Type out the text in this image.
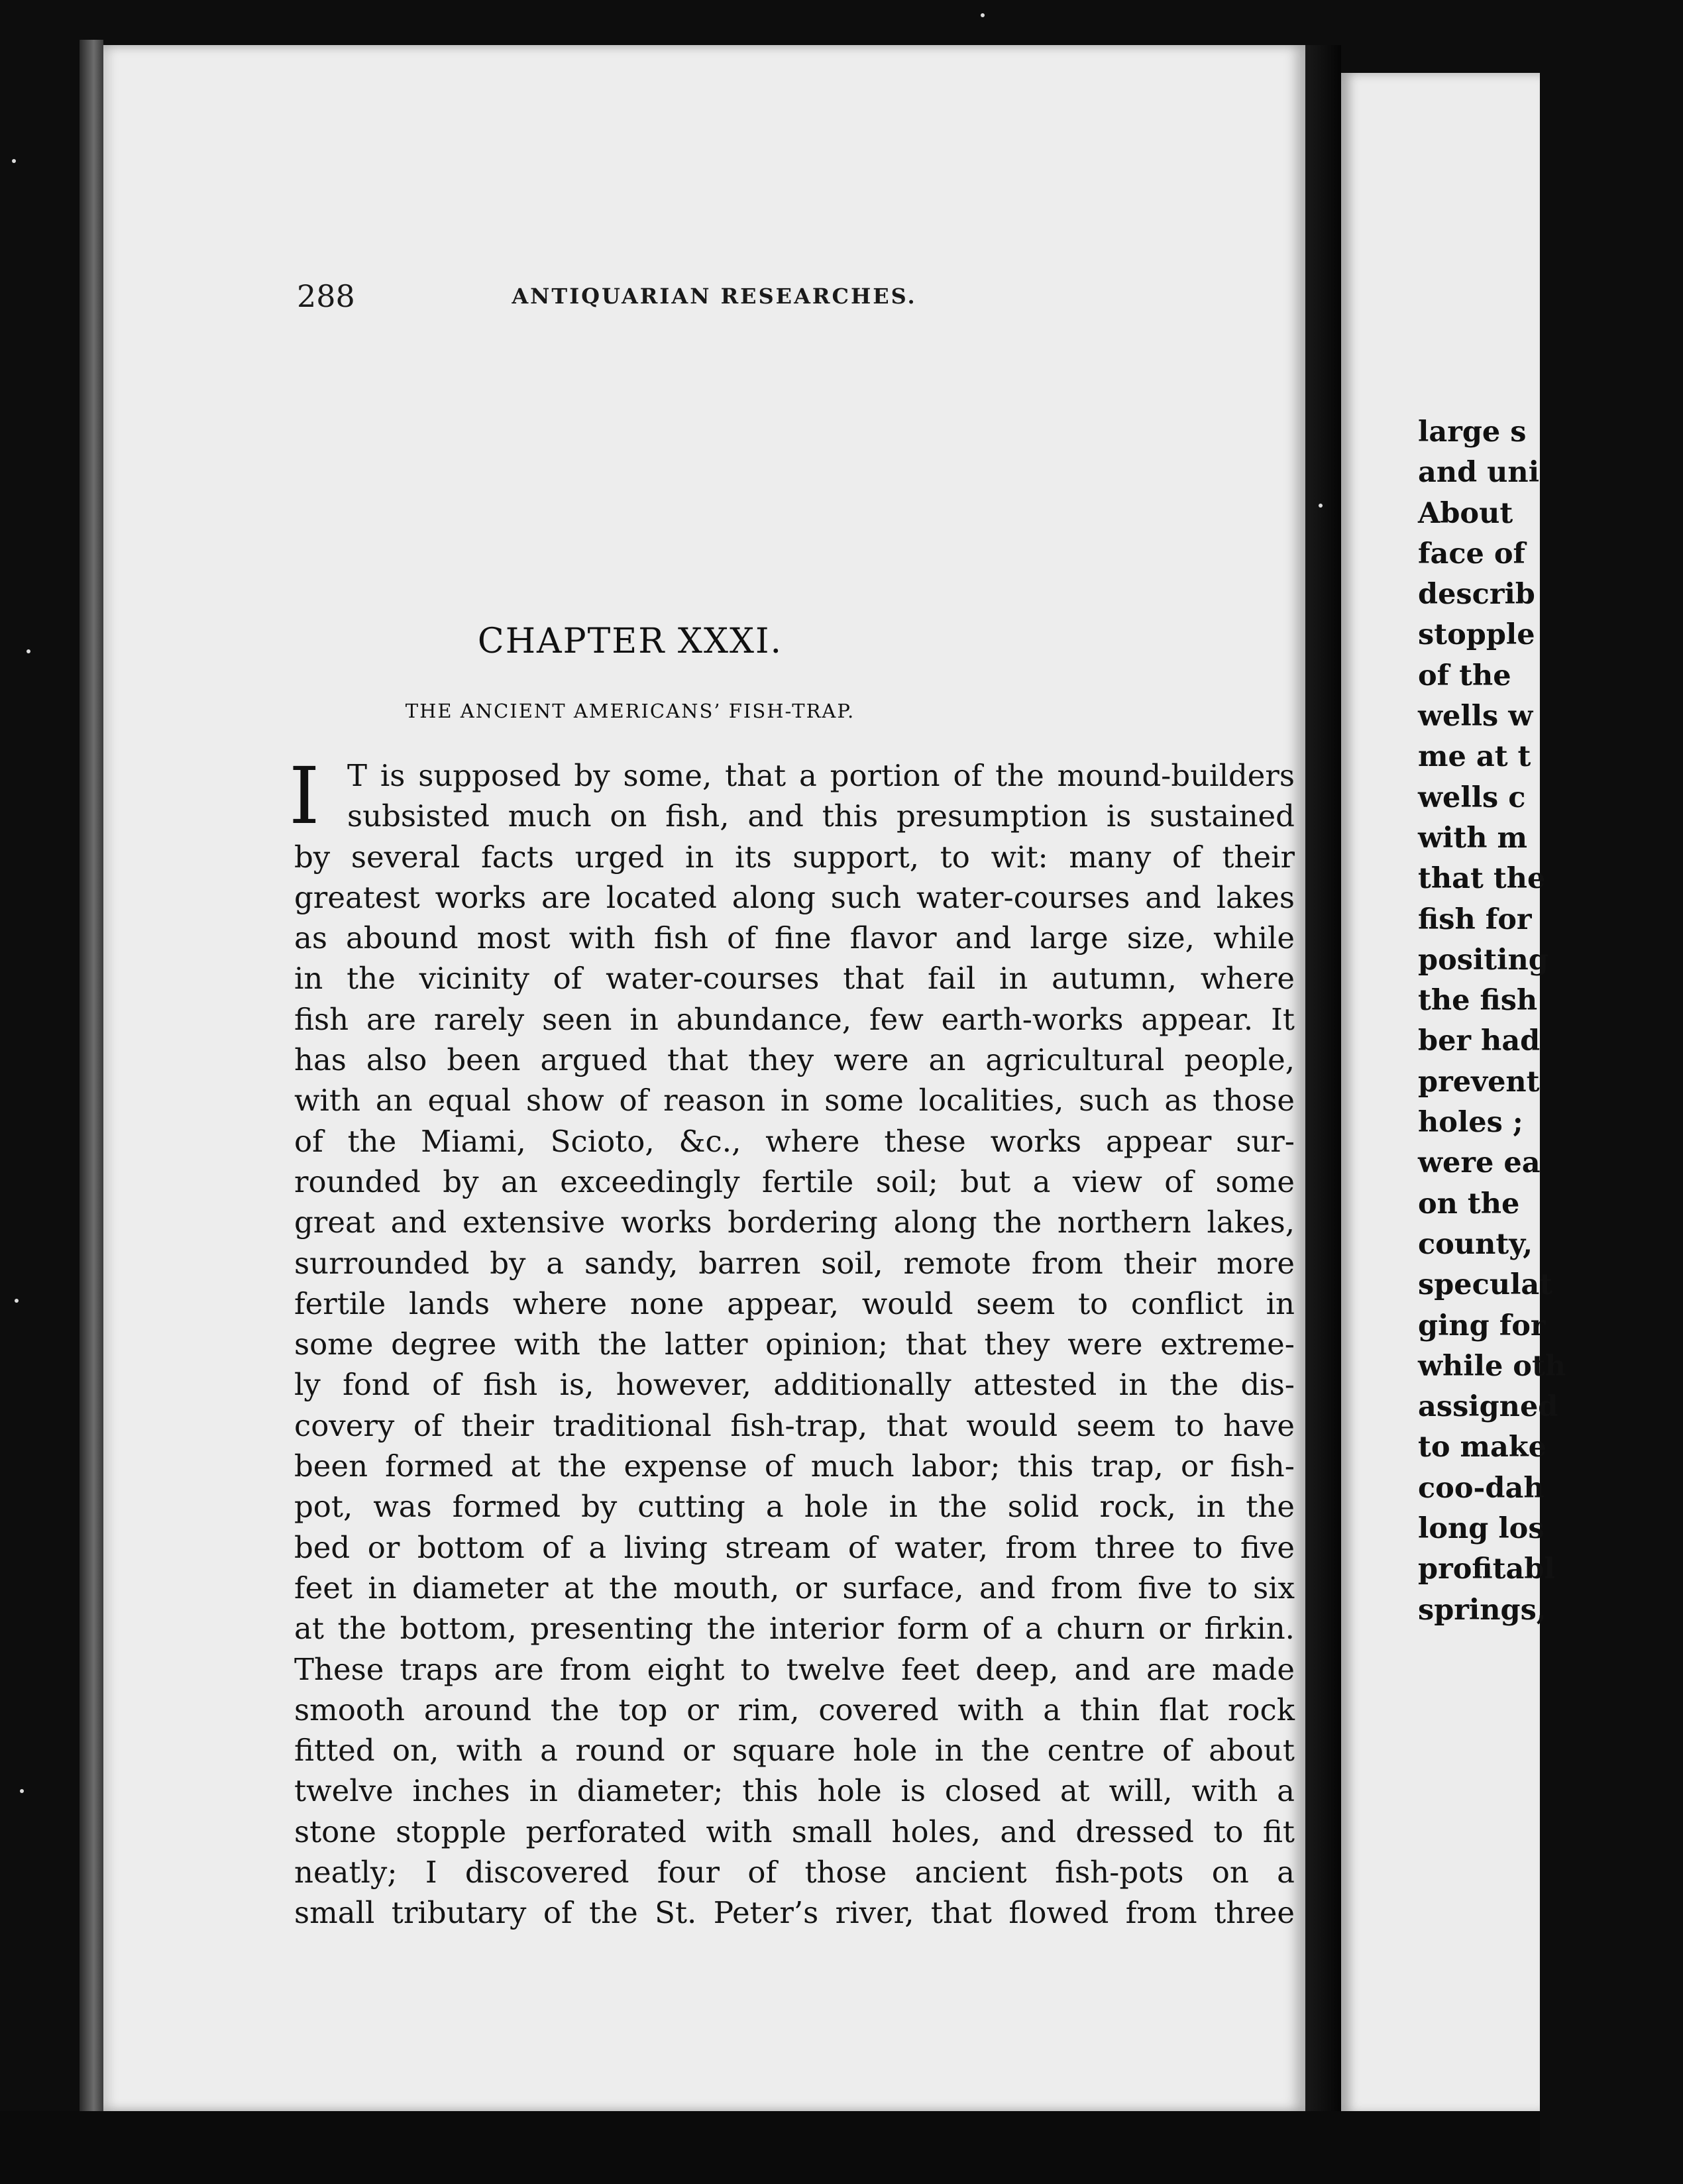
288	ANTIQUARIAN RESEARCHES.
CHAPTER XXXI.
THE ANCIENT AMERICANS’ FISH-TRAP.
I T is supposed by some, that a portion of the mound-builders
subsisted much on fish, and this presumption is sustained
by several facts urged in its support, to wit: many of their
greatest works are located along such water-courses and lakes
as abound most with fish of fine flavor and large size, while
in the vicinity of water-courses that fail in autumn, where
fish are rarely seen in abundance, few earth-works appear. It
has also been argued that they were an agricultural people,
with an equal show of reason in some localities, such as those
of the Miami, Scioto, &c., where these works appear sur-
rounded by an exceedingly fertile soil; but a view of some
great and extensive works bordering along the northern lakes,
surrounded by a sandy, barren soil, remote from their more
fertile lands where none appear, would seem to conflict in
some degree with the latter opinion; that they were extreme-
ly fond of fish is, however, additionally attested in the dis-
covery of their traditional fish-trap, that would seem to have
been formed at the expense of much labor; this trap, or fish-
pot, was formed by cutting a hole in the solid rock, in the
bed or bottom of a living stream of water, from three to five
feet in diameter at the mouth, or surface, and from five to six
at the bottom, presenting the interior form of a churn or firkin.
These traps are from eight to twelve feet deep, and are made
smooth around the top or rim, covered with a thin flat rock
fitted on, with a round or square hole in the centre of about
twelve inches in diameter; this hole is closed at will, with a
stone stopple perforated with small holes, and dressed to fit
neatly; I discovered four of those ancient fish-pots on a
small tributary of the St. Peter’s river, that flowed from three
large s
and uni
About
face of
describ
stopple
of the
wells w
me at t
wells c
with m
that the
fish for
positing
the fish
ber had
prevent
holes ;
were ea
on the
county,
speculat
ging for
while oth
assigned
to make
coo-dah
long los
profitabl
springs,
